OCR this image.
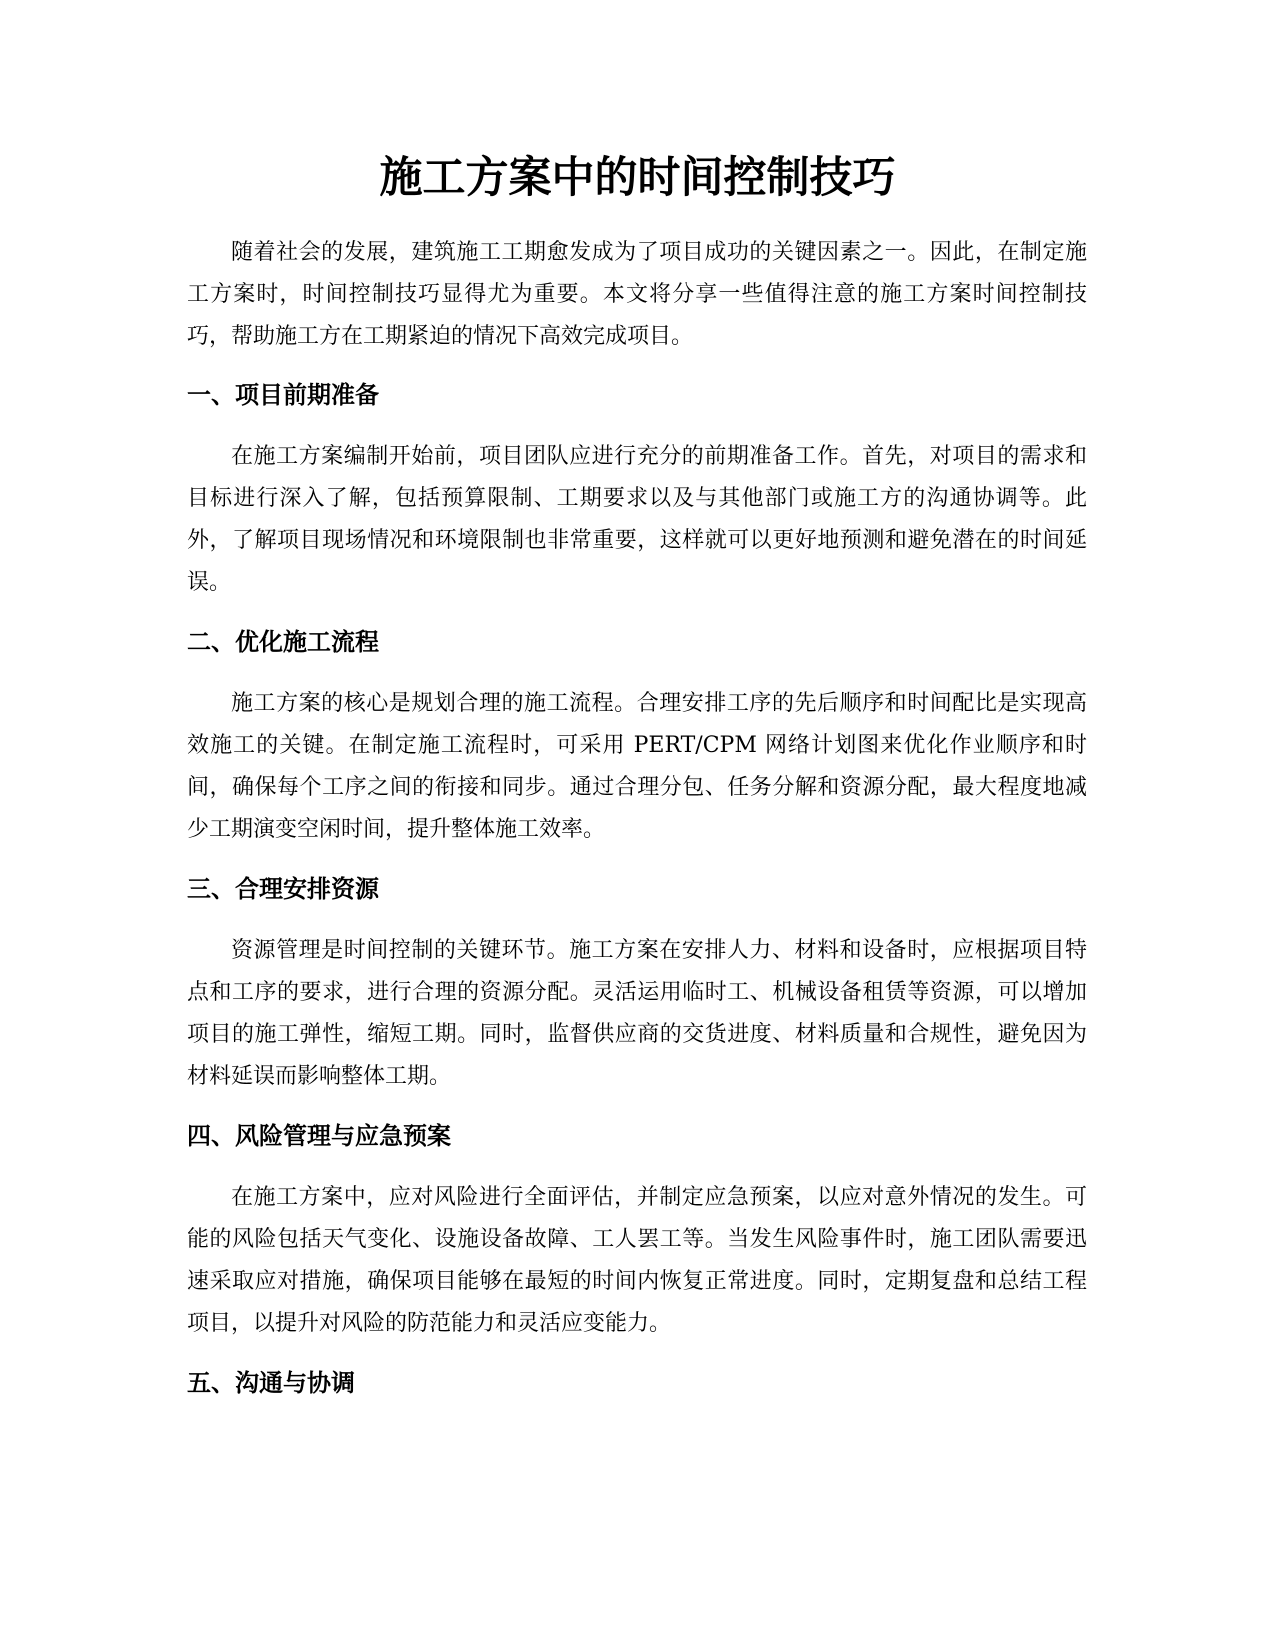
施工方案中的时间控制技巧

随着社会的发展，建筑施工工期愈发成为了项目成功的关键因素之一。因此，在制定施工方案时，时间控制技巧显得尤为重要。本文将分享一些值得注意的施工方案时间控制技巧，帮助施工方在工期紧迫的情况下高效完成项目。

一、项目前期准备

在施工方案编制开始前，项目团队应进行充分的前期准备工作。首先，对项目的需求和目标进行深入了解，包括预算限制、工期要求以及与其他部门或施工方的沟通协调等。此外，了解项目现场情况和环境限制也非常重要，这样就可以更好地预测和避免潜在的时间延误。

二、优化施工流程

施工方案的核心是规划合理的施工流程。合理安排工序的先后顺序和时间配比是实现高效施工的关键。在制定施工流程时，可采用 PERT/CPM 网络计划图来优化作业顺序和时间，确保每个工序之间的衔接和同步。通过合理分包、任务分解和资源分配，最大程度地减少工期演变空闲时间，提升整体施工效率。

三、合理安排资源

资源管理是时间控制的关键环节。施工方案在安排人力、材料和设备时，应根据项目特点和工序的要求，进行合理的资源分配。灵活运用临时工、机械设备租赁等资源，可以增加项目的施工弹性，缩短工期。同时，监督供应商的交货进度、材料质量和合规性，避免因为材料延误而影响整体工期。

四、风险管理与应急预案

在施工方案中，应对风险进行全面评估，并制定应急预案，以应对意外情况的发生。可能的风险包括天气变化、设施设备故障、工人罢工等。当发生风险事件时，施工团队需要迅速采取应对措施，确保项目能够在最短的时间内恢复正常进度。同时，定期复盘和总结工程项目，以提升对风险的防范能力和灵活应变能力。

五、沟通与协调
